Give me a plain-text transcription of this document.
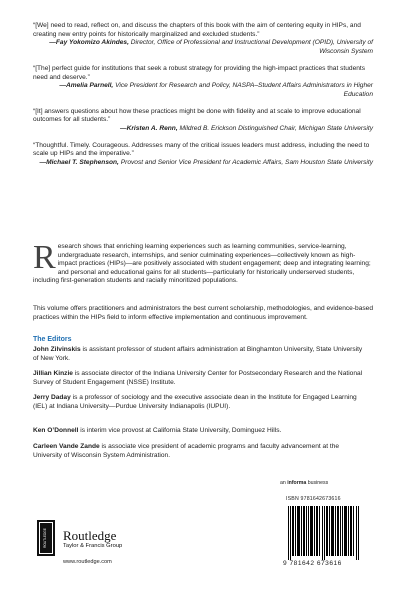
“[We] need to read, reflect on, and discuss the chapters of this book with the aim of centering equity in HIPs, and creating new entry points for historically marginalized and excluded students.”

—Fay Yokomizo Akindes, Director, Office of Professional and Instructional Development (OPID), University of Wisconsin System

“[The] perfect guide for institutions that seek a robust strategy for providing the high-impact practices that students need and deserve.”

—Amelia Parnell, Vice President for Research and Policy, NASPA–Student Affairs Administrators in Higher Education

“[It] answers questions about how these practices might be done with fidelity and at scale to improve educational outcomes for all students.”

—Kristen A. Renn, Mildred B. Erickson Distinguished Chair, Michigan State University

“Thoughtful. Timely. Courageous. Addresses many of the critical issues leaders must address, including the need to scale up HIPs and the imperative.”

—Michael T. Stephenson, Provost and Senior Vice President for Academic Affairs, Sam Houston State University

R esearch shows that enriching learning experiences such as learning communities, service-learning, undergraduate research, internships, and senior culminating experiences—collectively known as high-impact practices (HIPs)—are positively associated with student engagement; deep and integrating learning; and personal and educational gains for all students—particularly for historically underserved students, including first-generation students and racially minoritized populations.

This volume offers practitioners and administrators the best current scholarship, methodologies, and evidence-based practices within the HIPs field to inform effective implementation and continuous improvement.

The Editors

John Zilvinskis is assistant professor of student affairs administration at Binghamton University, State University of New York.

Jillian Kinzie is associate director of the Indiana University Center for Postsecondary Research and the National Survey of Student Engagement (NSSE) Institute.

Jerry Daday is a professor of sociology and the executive associate dean in the Institute for Engaged Learning (IEL) at Indiana University—Purdue University Indianapolis (IUPUI).

Ken O’Donnell is interim vice provost at California State University, Dominguez Hills.

Carleen Vande Zande is associate vice president of academic programs and faculty advancement at the University of Wisconsin System Administration.

an informa business
ISBN 9781642673616
9 781642 673616
ROUTLEDGE Routledge
Taylor & Francis Group
www.routledge.com
